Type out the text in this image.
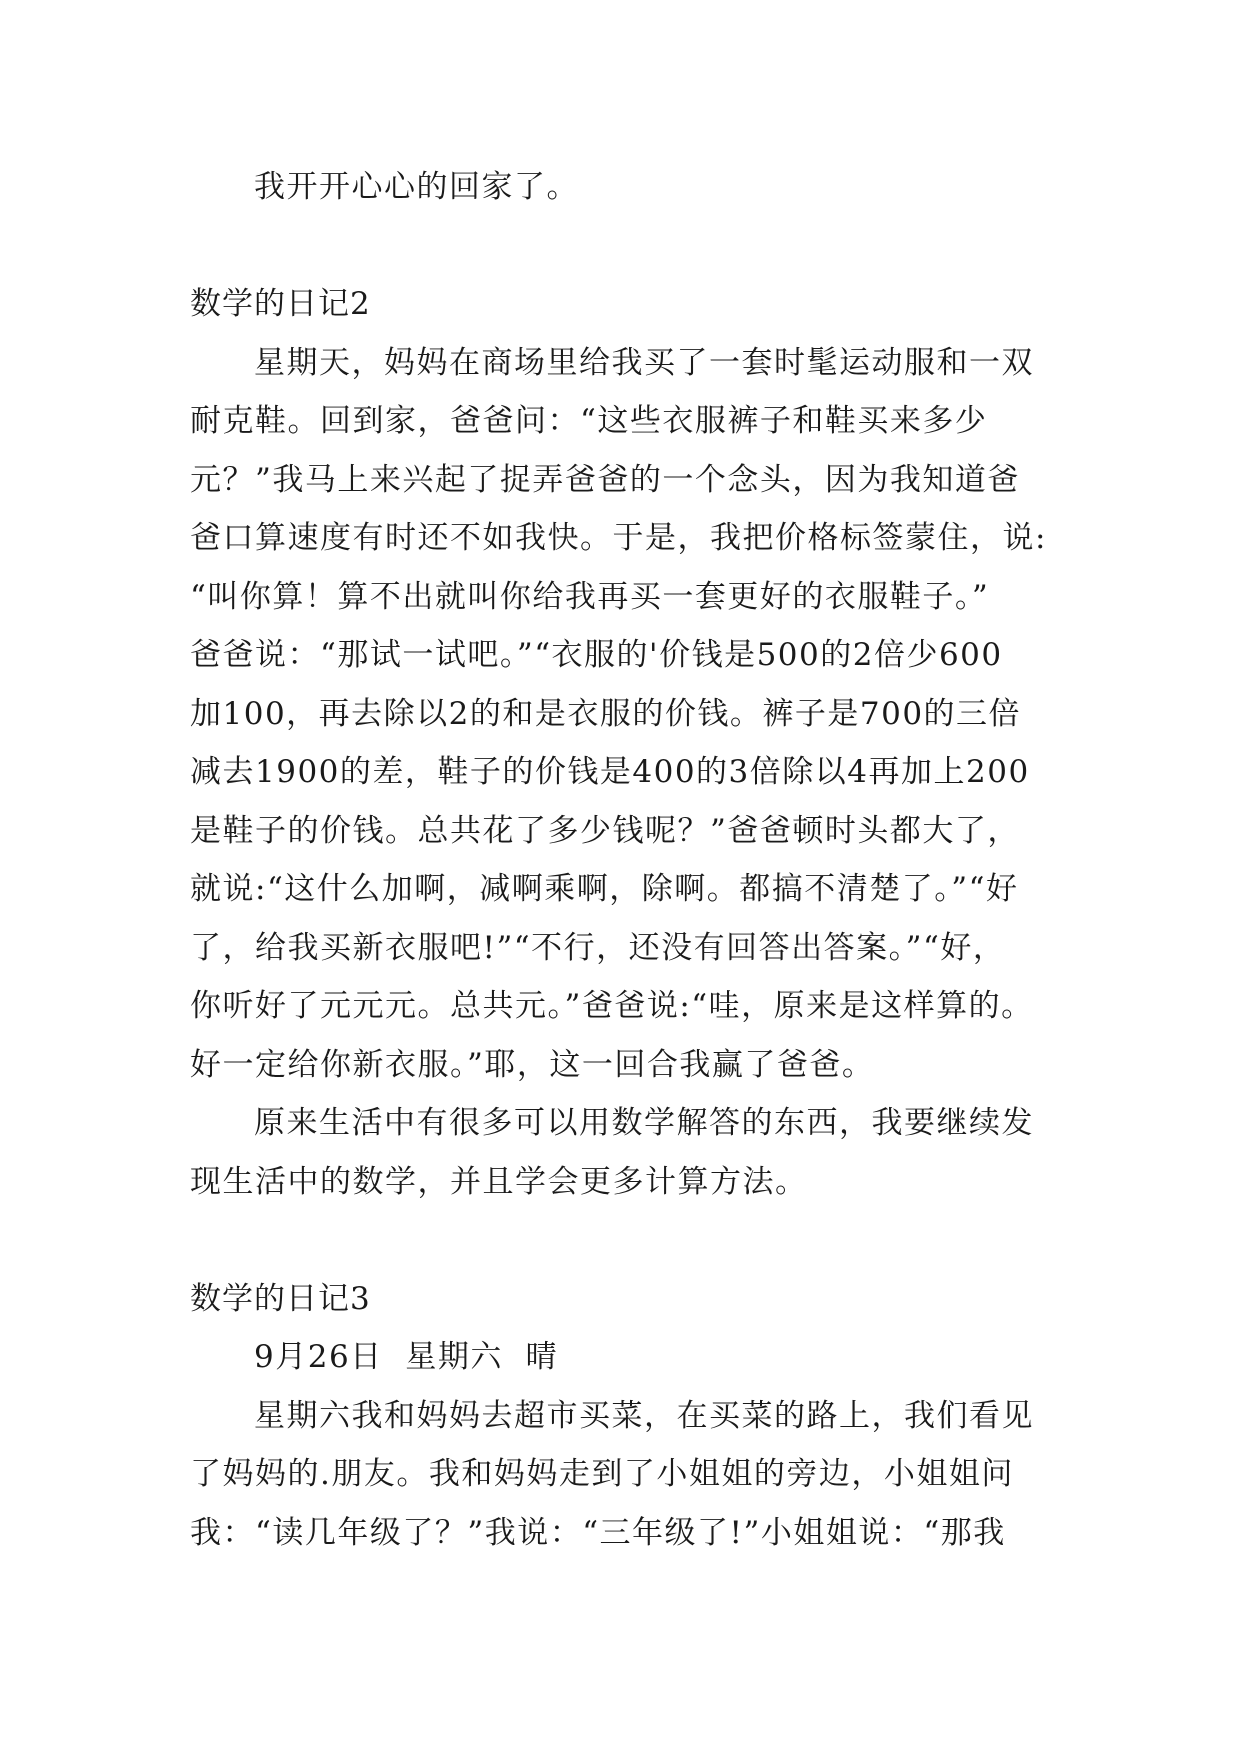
我开开心心的回家了。
数学的日记2
星期天，妈妈在商场里给我买了一套时髦运动服和一双
耐克鞋。回到家，爸爸问：“这些衣服裤子和鞋买来多少
元？”我马上来兴起了捉弄爸爸的一个念头，因为我知道爸
爸口算速度有时还不如我快。于是，我把价格标签蒙住，说:
“叫你算！算不出就叫你给我再买一套更好的衣服鞋子。”
爸爸说：“那试一试吧。”“衣服的'价钱是500的2倍少600
加100，再去除以2的和是衣服的价钱。裤子是700的三倍
减去1900的差，鞋子的价钱是400的3倍除以4再加上200
是鞋子的价钱。总共花了多少钱呢？”爸爸顿时头都大了，
就说:“这什么加啊，减啊乘啊，除啊。都搞不清楚了。”“好
了，给我买新衣服吧!”“不行，还没有回答出答案。”“好，
你听好了元元元。总共元。”爸爸说:“哇，原来是这样算的。
好一定给你新衣服。”耶，这一回合我赢了爸爸。
原来生活中有很多可以用数学解答的东西，我要继续发
现生活中的数学，并且学会更多计算方法。
数学的日记3
9月26日  星期六  晴
星期六我和妈妈去超市买菜，在买菜的路上，我们看见
了妈妈的.朋友。我和妈妈走到了小姐姐的旁边，小姐姐问
我：“读几年级了？”我说：“三年级了!”小姐姐说：“那我
